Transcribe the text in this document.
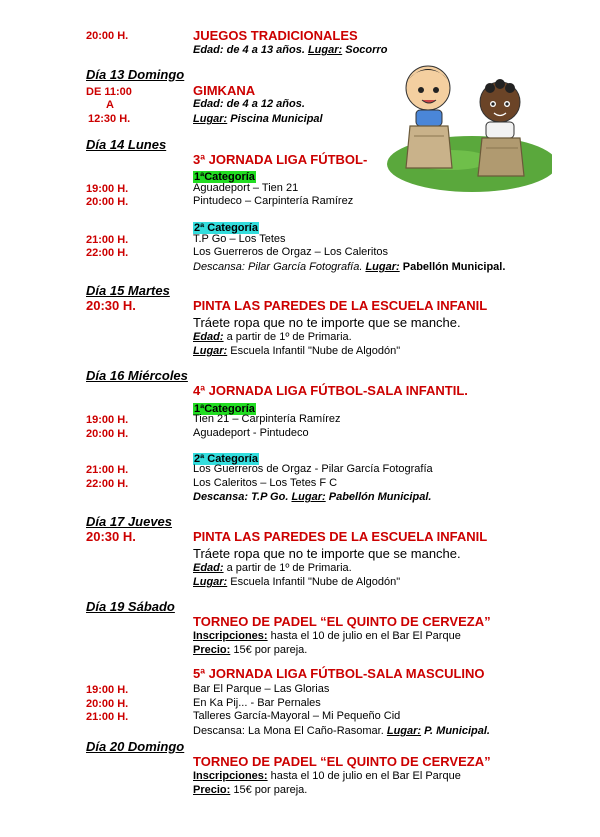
20:00 H.	JUEGOS TRADICIONALES
Edad: de 4 a 13 años. Lugar: Socorro
Día 13 Domingo
DE 11:00
A
12:30 H.
GIMKANA
Edad: de 4 a 12 años.
Lugar: Piscina Municipal
Día 14 Lunes
3ª JORNADA LIGA FÚTBOL-
1ªCategoría
19:00 H.	Aguadeport – Tien 21
20:00 H.	Pintudeco – Carpintería Ramírez
2ª Categoría
21:00 H.	T.P Go – Los Tetes
22:00 H.	Los Guerreros de Orgaz – Los Caleritos
Descansa: Pilar García Fotografía. Lugar: Pabellón Municipal.
Día 15 Martes
20:30 H.	PINTA LAS PAREDES DE LA ESCUELA INFANIL
Tráete ropa que no te importe que se manche.
Edad: a partir de 1º de Primaria.
Lugar: Escuela Infantil "Nube de Algodón"
Día 16 Miércoles
4ª JORNADA LIGA FÚTBOL-SALA INFANTIL.
1ªCategoría
19:00 H.	Tien 21 – Carpintería Ramírez
20:00 H.	Aguadeport - Pintudeco
2ª Categoría
21:00 H.	Los Guerreros de Orgaz - Pilar García Fotografía
22:00 H.	Los Caleritos – Los Tetes F C
Descansa: T.P Go. Lugar: Pabellón Municipal.
Día 17 Jueves
20:30 H.	PINTA LAS PAREDES DE LA ESCUELA INFANIL
Tráete ropa que no te importe que se manche.
Edad: a partir de 1º de Primaria.
Lugar: Escuela Infantil "Nube de Algodón"
Día 19 Sábado
TORNEO DE PADEL “EL QUINTO DE CERVEZA”
Inscripciones: hasta el 10 de julio en el Bar El Parque
Precio: 15€ por pareja.
5ª JORNADA LIGA FÚTBOL-SALA MASCULINO
19:00 H.	Bar El Parque – Las Glorias
20:00 H.	En Ka Pij... - Bar Pernales
21:00 H.	Talleres García-Mayoral – Mi Pequeño Cid
Descansa: La Mona El Caño-Rasomar. Lugar: P. Municipal.
Día 20 Domingo
TORNEO DE PADEL “EL QUINTO DE CERVEZA”
Inscripciones: hasta el 10 de julio en el Bar El Parque
Precio: 15€ por pareja.
